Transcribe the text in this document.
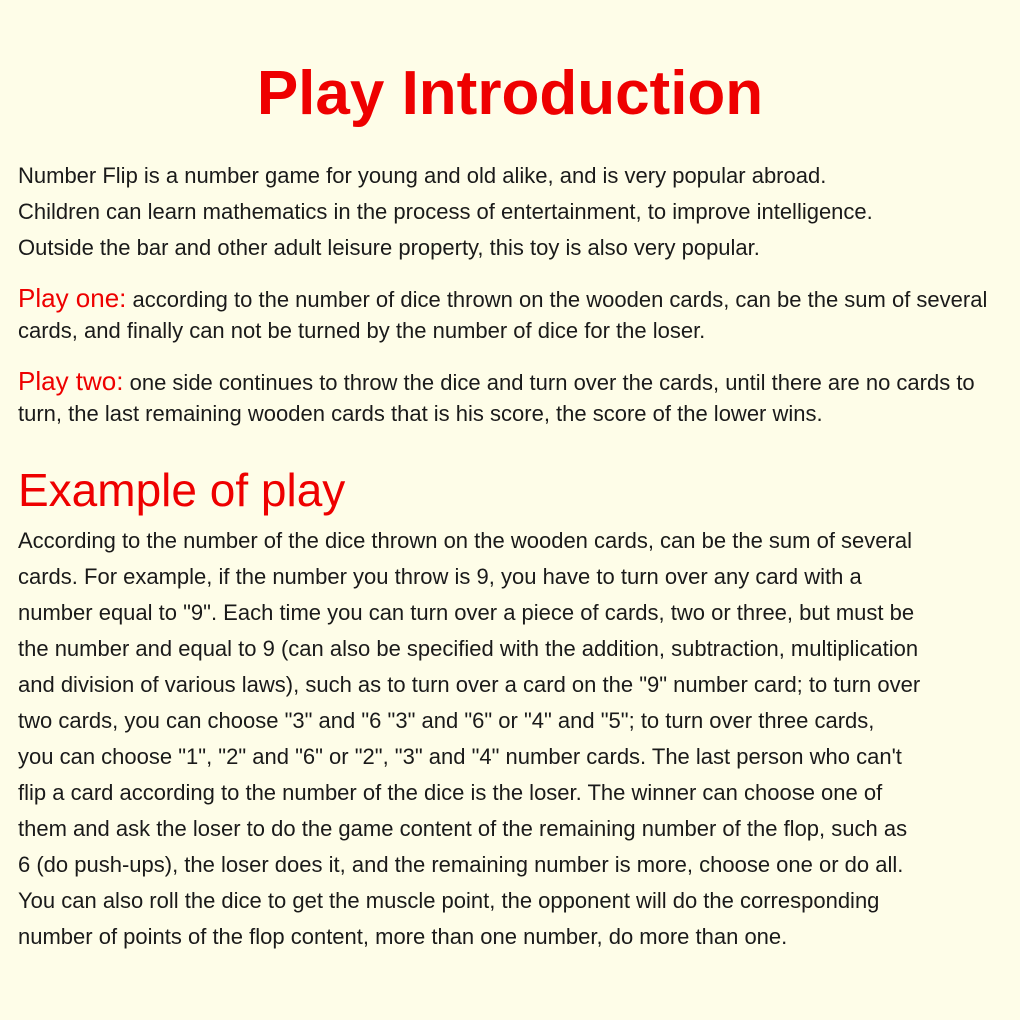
Play Introduction

Number Flip is a number game for young and old alike, and is very popular abroad.
Children can learn mathematics in the process of entertainment, to improve intelligence.
Outside the bar and other adult leisure property, this toy is also very popular.

Play one: according to the number of dice thrown on the wooden cards, can be the sum of several cards, and finally can not be turned by the number of dice for the loser.

Play two: one side continues to throw the dice and turn over the cards, until there are no cards to turn, the last remaining wooden cards that is his score, the score of the lower wins.

Example of play

According to the number of the dice thrown on the wooden cards, can be the sum of several
cards. For example, if the number you throw is 9, you have to turn over any card with a
number equal to "9". Each time you can turn over a piece of cards, two or three, but must be
the number and equal to 9 (can also be specified with the addition, subtraction, multiplication
and division of various laws), such as to turn over a card on the "9" number card; to turn over
two cards, you can choose "3" and "6 "3" and "6" or "4" and "5"; to turn over three cards,
you can choose "1", "2" and "6" or "2", "3" and "4" number cards. The last person who can't
flip a card according to the number of the dice is the loser. The winner can choose one of
them and ask the loser to do the game content of the remaining number of the flop, such as
6 (do push-ups), the loser does it, and the remaining number is more, choose one or do all.
You can also roll the dice to get the muscle point, the opponent will do the corresponding
number of points of the flop content, more than one number, do more than one.
